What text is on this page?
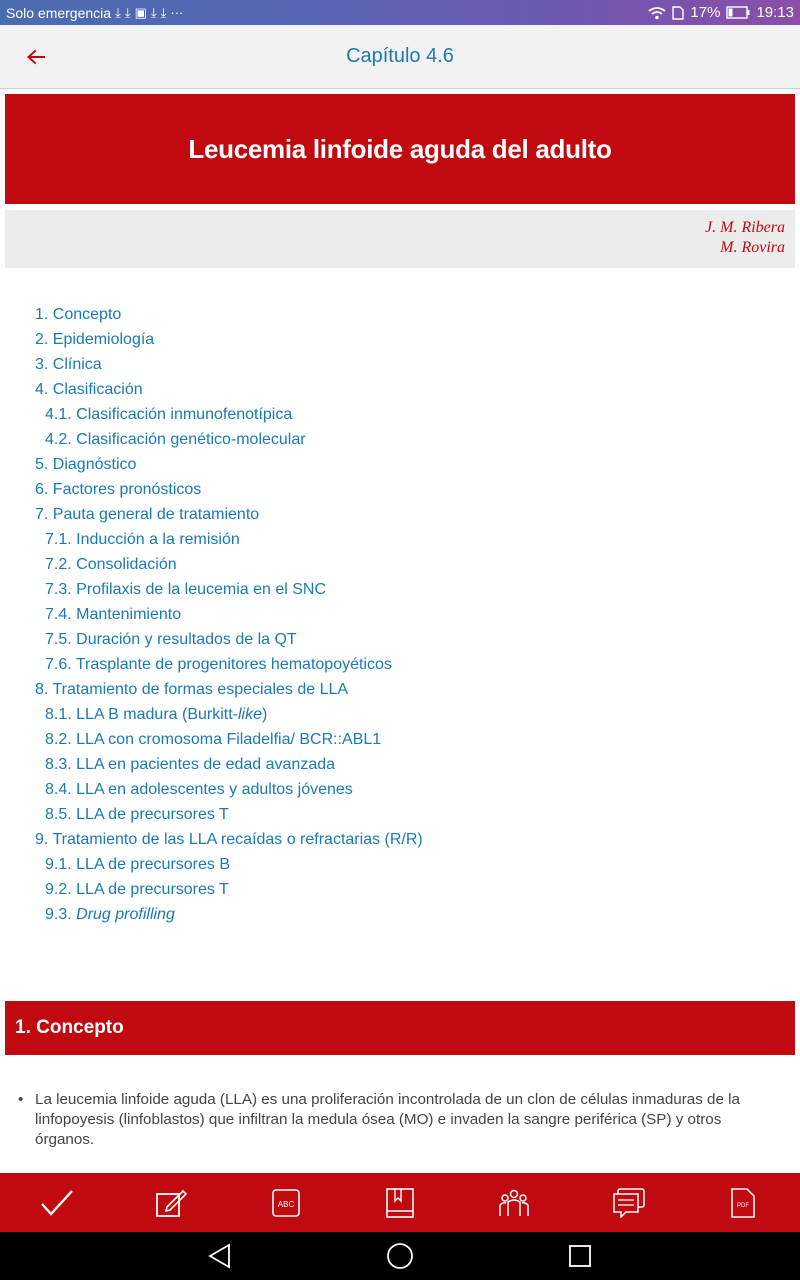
Solo emergencia ⤓ ⤓ ▣ ⤓ ⤓ ···	17% 19:13
Capítulo 4.6
Leucemia linfoide aguda del adulto
J. M. Ribera
M. Rovira
1. Concepto
2. Epidemiología
3. Clínica
4. Clasificación
4.1. Clasificación inmunofenotípica
4.2. Clasificación genético-molecular
5. Diagnóstico
6. Factores pronósticos
7. Pauta general de tratamiento
7.1. Inducción a la remisión
7.2. Consolidación
7.3. Profilaxis de la leucemia en el SNC
7.4. Mantenimiento
7.5. Duración y resultados de la QT
7.6. Trasplante de progenitores hematopoyéticos
8. Tratamiento de formas especiales de LLA
8.1. LLA B madura (Burkitt-like)
8.2. LLA con cromosoma Filadelfia/ BCR::ABL1
8.3. LLA en pacientes de edad avanzada
8.4. LLA en adolescentes y adultos jóvenes
8.5. LLA de precursores T
9. Tratamiento de las LLA recaídas o refractarias (R/R)
9.1. LLA de precursores B
9.2. LLA de precursores T
9.3. Drug profilling
1. Concepto
• La leucemia linfoide aguda (LLA) es una proliferación incontrolada de un clon de células inmaduras de la linfopoyesis (linfoblastos) que infiltran la medula ósea (MO) e invaden la sangre periférica (SP) y otros órganos.
ABC	PDF
